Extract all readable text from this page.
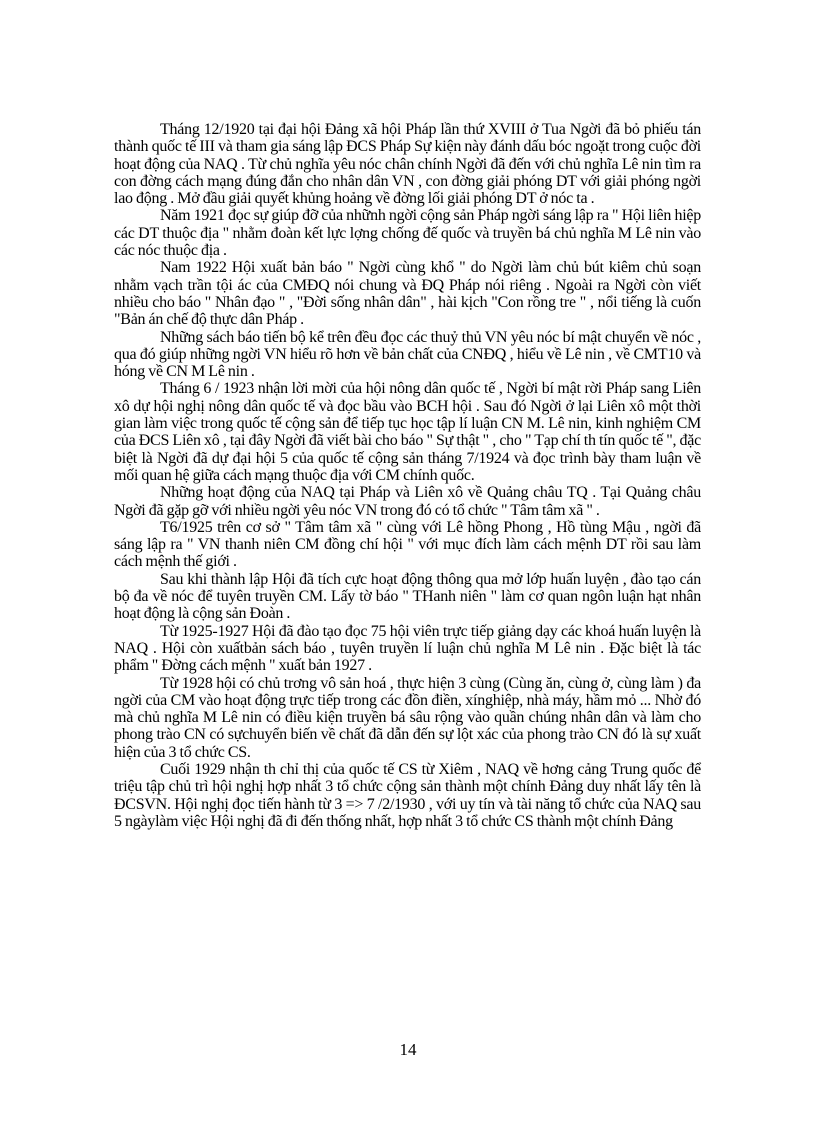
Tháng 12/1920 tại đại hội Đảng xã hội Pháp lần thứ XVIII ở Tua Ngời đã bỏ phiếu tán thành quốc tế III và tham gia sáng lập ĐCS Pháp Sự kiện này đánh dấu bóc ngoặt trong cuộc đời hoạt động của NAQ . Từ chủ nghĩa yêu nóc chân chính Ngời đã đến với chủ nghĩa Lê nin tìm ra con đờng cách mạng đúng đắn cho nhân dân VN , con đờng giải phóng DT với giải phóng ngời lao động . Mở đầu giải quyết khủng hoảng về đờng lối giải phóng DT ở nóc ta .

Năm 1921 đọc sự giúp đỡ của nhữnh ngời cộng sản Pháp ngời sáng lập ra " Hội liên hiệp các DT thuộc địa " nhằm đoàn kết lực lợng chống đế quốc và truyền bá chủ nghĩa M Lê nin vào các nóc thuộc địa .

Nam 1922 Hội xuất bản báo " Ngời cùng khổ " do Ngời làm chủ bút kiêm chủ soạn nhằm vạch trần tội ác của CMĐQ nói chung và ĐQ Pháp nói riêng . Ngoài ra Ngời còn viết nhiều cho báo " Nhân đạo " , "Đời sống nhân dân" , hài kịch "Con rồng tre " , nổi tiếng là cuốn "Bản án chế độ thực dân Pháp .

Những sách báo tiến bộ kể trên đều đọc các thuỷ thủ VN yêu nóc bí mật chuyển về nóc , qua đó giúp những ngời VN hiểu rõ hơn về bản chất của CNĐQ , hiểu về Lê nin , về CMT10 và hóng về CN M Lê nin .

Tháng 6 / 1923 nhận lời mời của hội nông dân quốc tế , Ngời bí mật rời Pháp sang Liên xô dự hội nghị nông dân quốc tế và đọc bầu vào BCH hội . Sau đó Ngời ở lại Liên xô một thời gian làm việc trong quốc tế cộng sản để tiếp tục học tập lí luận CN M. Lê nin, kinh nghiệm CM của ĐCS Liên xô , tại đây Ngời đã viết bài cho báo " Sự thật " , cho " Tạp chí th tín quốc tế ", đặc biệt là Ngời đã dự đại hội 5 của quốc tế cộng sản tháng 7/1924 và đọc trình bày tham luận về mối quan hệ giữa cách mạng thuộc địa với CM chính quốc.

Những hoạt động của NAQ tại Pháp và Liên xô về Quảng châu TQ . Tại Quảng châu Ngời đã gặp gỡ với nhiều ngời yêu nóc VN trong đó có tổ chức " Tâm tâm xã " .

T6/1925 trên cơ sở " Tâm tâm xã " cùng với Lê hồng Phong , Hồ tùng Mậu , ngời đã sáng lập ra " VN thanh niên CM đồng chí hội " với mục đích làm cách mệnh DT rồi sau làm cách mệnh thế giới .

Sau khi thành lập Hội đã tích cực hoạt động thông qua mở lớp huấn luyện , đào tạo cán bộ đa về nóc để tuyên truyền CM. Lấy tờ báo " THanh niên " làm cơ quan ngôn luận hạt nhân hoạt động là cộng sản Đoàn .

Từ 1925-1927 Hội đã đào tạo đọc 75 hội viên trực tiếp giảng dạy các khoá huấn luyện là NAQ . Hội còn xuấtbản sách báo , tuyên truyền lí luận chủ nghĩa M Lê nin . Đặc biệt là tác phẩm " Đờng cách mệnh " xuất bản 1927 .

Từ 1928 hội có chủ trơng vô sản hoá , thực hiện 3 cùng (Cùng ăn, cùng ở, cùng làm ) đa ngời của CM vào hoạt động trực tiếp trong các đồn điền, xínghiệp, nhà máy, hầm mỏ ... Nhờ đó mà chủ nghĩa M Lê nin có điều kiện truyền bá sâu rộng vào quần chúng nhân dân và làm cho phong trào CN có sựchuyển biến về chất đã dẫn đến sự lột xác của phong trào CN đó là sự xuất hiện của 3 tổ chức CS.

Cuối 1929 nhận th chỉ thị của quốc tế CS từ Xiêm , NAQ về hơng cảng Trung quốc để triệu tập chủ trì hội nghị hợp nhất 3 tổ chức cộng sản thành một chính Đảng duy nhất lấy tên là ĐCSVN. Hội nghị đọc tiến hành từ 3 => 7 /2/1930 , với uy tín và tài năng tổ chức của NAQ sau 5 ngàylàm việc Hội nghị đã đi đến thống nhất, hợp nhất 3 tổ chức CS thành một chính Đảng

14
